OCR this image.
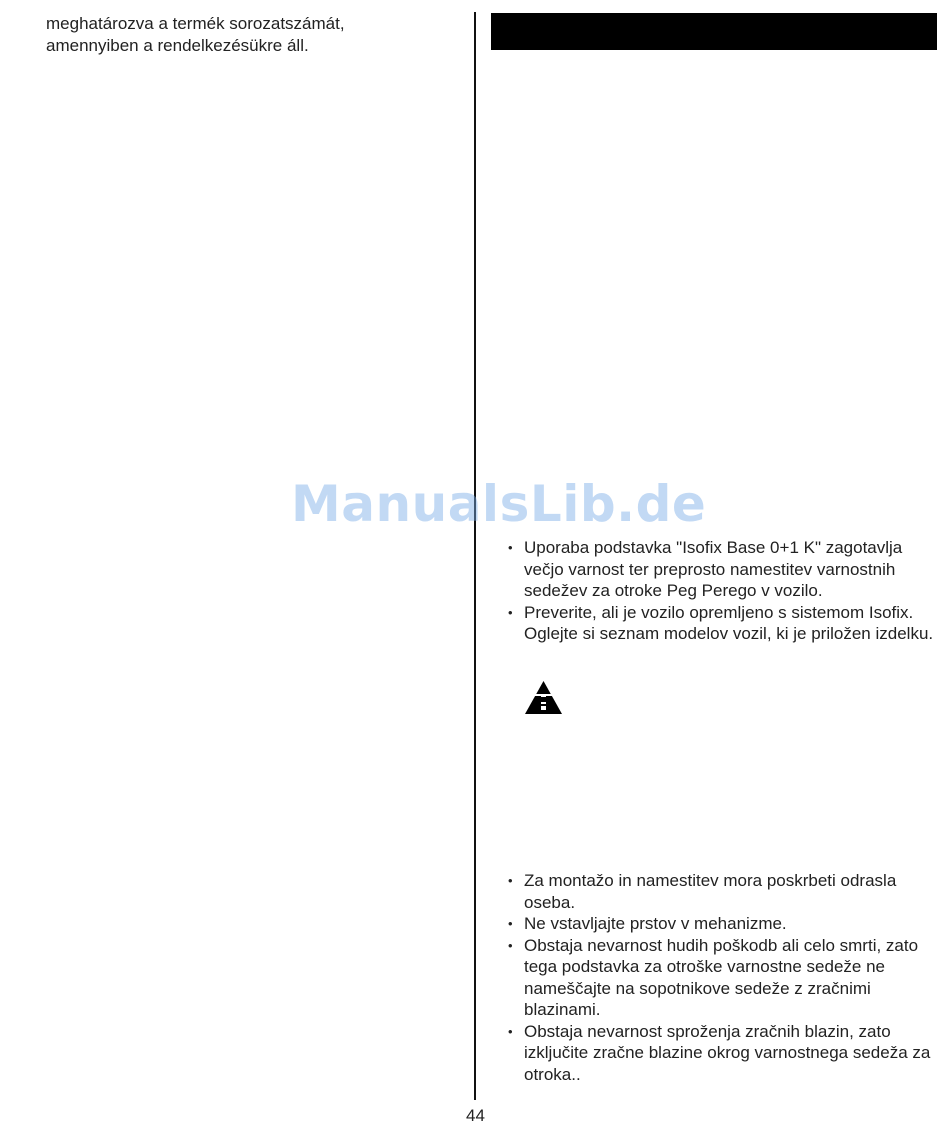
meghatározva a termék sorozatszámát,
amennyiben a rendelkezésükre áll.

ManualsLib.de
• Uporaba podstavka "Isofix Base 0+1 K" zagotavlja večjo varnost ter preprosto namestitev varnostnih sedežev za otroke Peg Perego v vozilo.
• Preverite, ali je vozilo opremljeno s sistemom Isofix. Oglejte si seznam modelov vozil, ki je priložen izdelku.
• Za montažo in namestitev mora poskrbeti odrasla oseba.
• Ne vstavljajte prstov v mehanizme.
• Obstaja nevarnost hudih poškodb ali celo smrti, zato tega podstavka za otroške varnostne sedeže ne nameščajte na sopotnikove sedeže z zračnimi blazinami.
• Obstaja nevarnost sproženja zračnih blazin, zato izklјučite zračne blazine okrog varnostnega sedeža za otroka..
44
